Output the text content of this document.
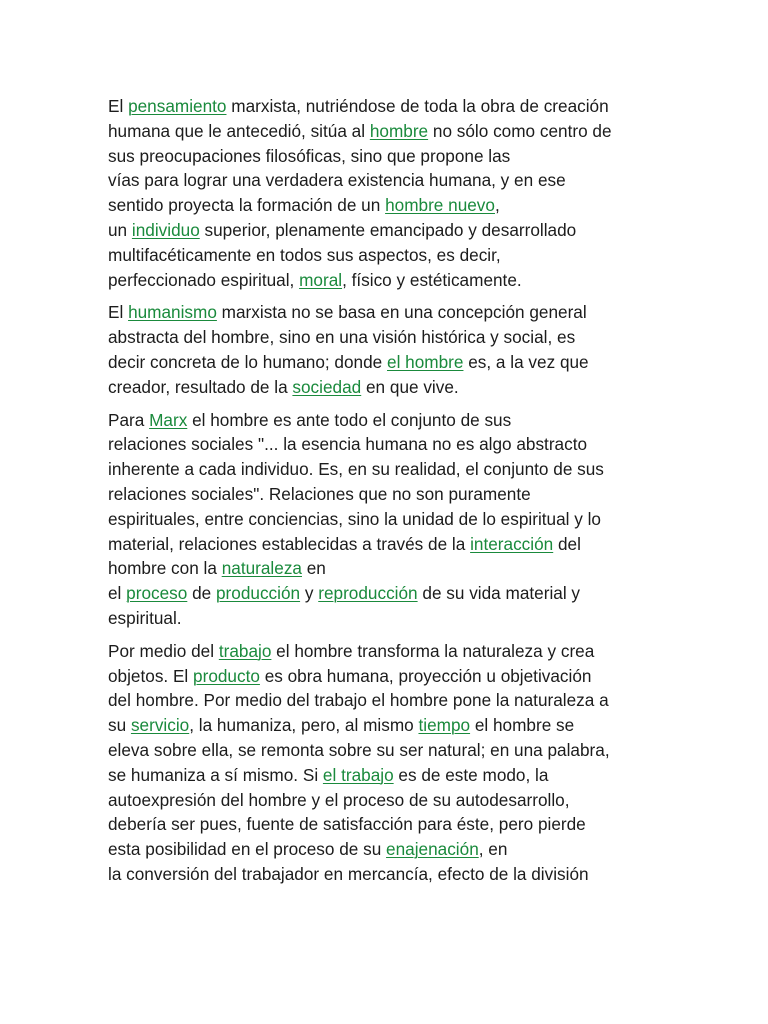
El pensamiento marxista, nutriéndose de toda la obra de creación
humana que le antecedió, sitúa al hombre no sólo como centro de
sus preocupaciones filosóficas, sino que propone las
vías para lograr una verdadera existencia humana, y en ese
sentido proyecta la formación de un hombre nuevo,
un individuo superior, plenamente emancipado y desarrollado
multifacéticamente en todos sus aspectos, es decir,
perfeccionado espiritual, moral, físico y estéticamente.

El humanismo marxista no se basa en una concepción general
abstracta del hombre, sino en una visión histórica y social, es
decir concreta de lo humano; donde el hombre es, a la vez que
creador, resultado de la sociedad en que vive.

Para Marx el hombre es ante todo el conjunto de sus
relaciones sociales "... la esencia humana no es algo abstracto
inherente a cada individuo. Es, en su realidad, el conjunto de sus
relaciones sociales". Relaciones que no son puramente
espirituales, entre conciencias, sino la unidad de lo espiritual y lo
material, relaciones establecidas a través de la interacción del
hombre con la naturaleza en
el proceso de producción y reproducción de su vida material y
espiritual.

Por medio del trabajo el hombre transforma la naturaleza y crea
objetos. El producto es obra humana, proyección u objetivación
del hombre. Por medio del trabajo el hombre pone la naturaleza a
su servicio, la humaniza, pero, al mismo tiempo el hombre se
eleva sobre ella, se remonta sobre su ser natural; en una palabra,
se humaniza a sí mismo. Si el trabajo es de este modo, la
autoexpresión del hombre y el proceso de su autodesarrollo,
debería ser pues, fuente de satisfacción para éste, pero pierde
esta posibilidad en el proceso de su enajenación, en
la conversión del trabajador en mercancía, efecto de la división
